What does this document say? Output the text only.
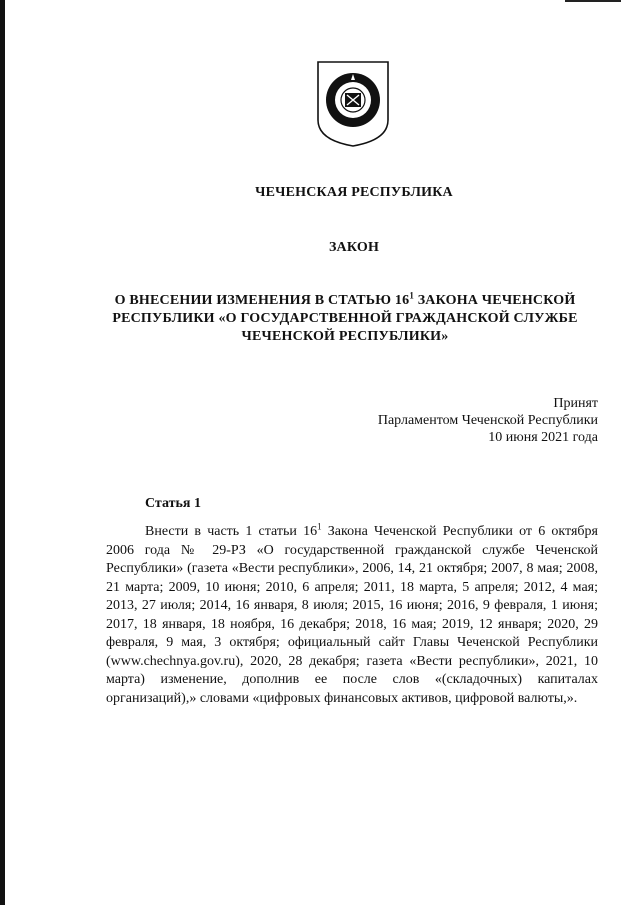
ЧЕЧЕНСКАЯ РЕСПУБЛИКА
ЗАКОН
О ВНЕСЕНИИ ИЗМЕНЕНИЯ В СТАТЬЮ $16^1$ ЗАКОНА ЧЕЧЕНСКОЙ РЕСПУБЛИКИ «О ГОСУДАРСТВЕННОЙ ГРАЖДАНСКОЙ СЛУЖБЕ ЧЕЧЕНСКОЙ РЕСПУБЛИКИ»
Принят
Парламентом Чеченской Республики
10 июня 2021 года
Статья 1
Внести в часть 1 статьи $16^1$ Закона Чеченской Республики от 6 октября 2006 года № 29-РЗ «О государственной гражданской службе Чеченской Республики» (газета «Вести республики», 2006, 14, 21 октября; 2007, 8 мая; 2008, 21 марта; 2009, 10 июня; 2010, 6 апреля; 2011, 18 марта, 5 апреля; 2012, 4 мая; 2013, 27 июля; 2014, 16 января, 8 июля; 2015, 16 июня; 2016, 9 февраля, 1 июня; 2017, 18 января, 18 ноября, 16 декабря; 2018, 16 мая; 2019, 12 января; 2020, 29 февраля, 9 мая, 3 октября; официальный сайт Главы Чеченской Республики (www.chechnya.gov.ru), 2020, 28 декабря; газета «Вести республики», 2021, 10 марта) изменение, дополнив ее после слов «(складочных) капиталах организаций),» словами «цифровых финансовых активов, цифровой валюты,».
